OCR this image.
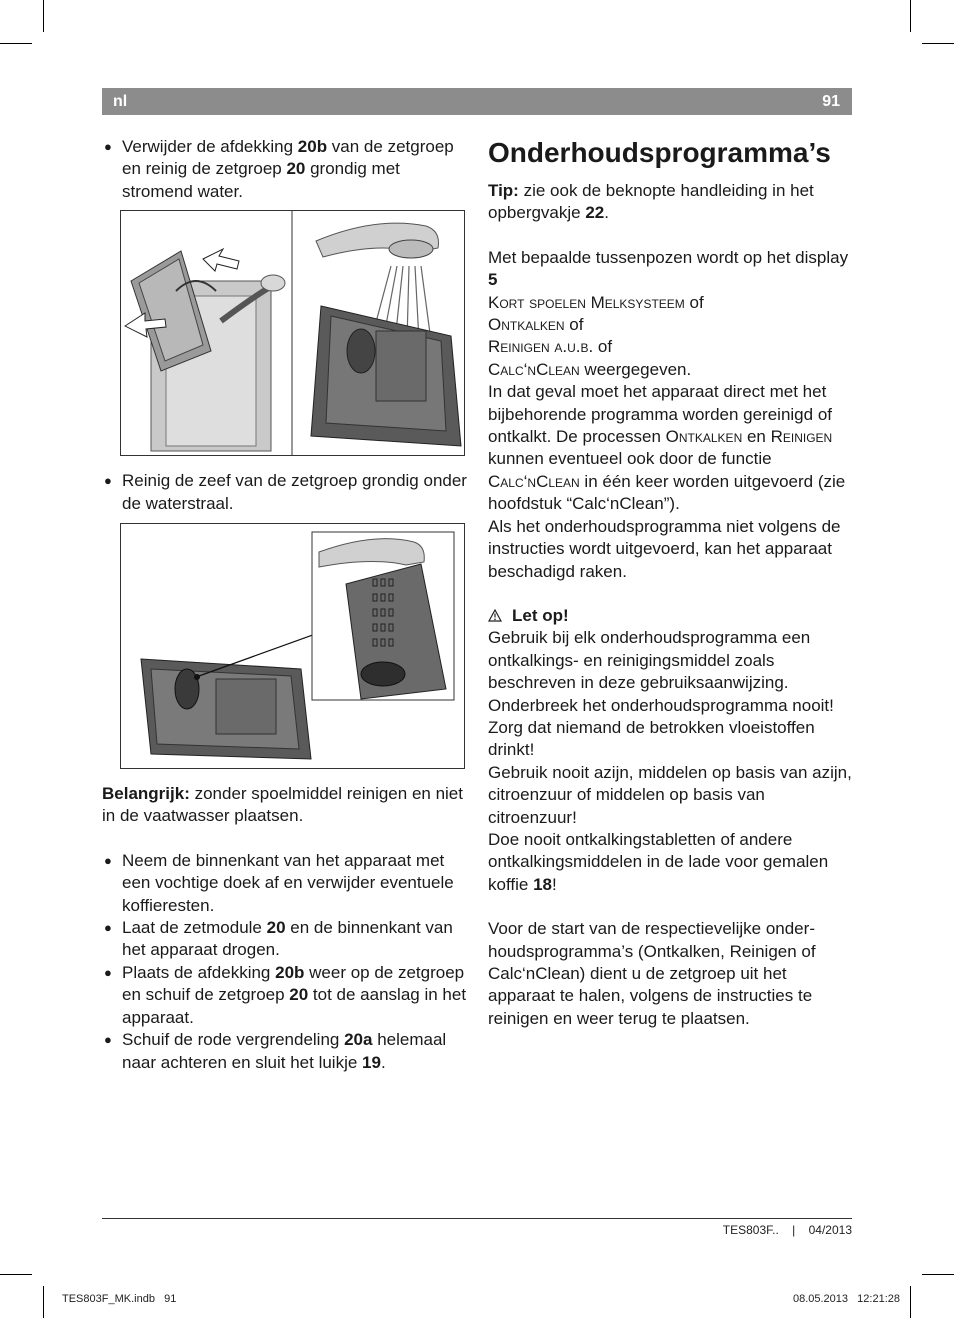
nl	91
● Verwijder de afdekking 20b van de zetgroep en reinig de zetgroep 20 grondig met stromend water.
● Reinig de zeef van de zetgroep grondig onder de waterstraal.
Belangrijk: zonder spoelmiddel reinigen en niet in de vaatwasser plaatsen.
● Neem de binnenkant van het apparaat met een vochtige doek af en verwijder eventuele koffieresten.
● Laat de zetmodule 20 en de binnenkant van het apparaat drogen.
● Plaats de afdekking 20b weer op de zetgroep en schuif de zetgroep 20 tot de aanslag in het apparaat.
● Schuif de rode vergrendeling 20a helemaal naar achteren en sluit het luikje 19.
Onderhoudsprogramma’s
Tip: zie ook de beknopte handleiding in het opbergvakje 22.
Met bepaalde tussenpozen wordt op het display 5
Kort spoelen Melksysteem of
Ontkalken of
Reinigen a.u.b. of
Calc‘nClean weergegeven.
In dat geval moet het apparaat direct met het bijbehorende programma worden gereinigd of ontkalkt. De processen Ontkalken en Reinigen kunnen eventueel ook door de functie Calc‘nClean in één keer worden uitgevoerd (zie hoofdstuk “Calc‘nClean”).
Als het onderhoudsprogramma niet volgens de instructies wordt uitgevoerd, kan het apparaat beschadigd raken.
Let op!
Gebruik bij elk onderhoudsprogramma een ontkalkings- en reinigingsmiddel zoals beschreven in deze gebruiksaanwijzing.
Onderbreek het onderhoudsprogramma nooit!
Zorg dat niemand de betrokken vloeistoffen drinkt!
Gebruik nooit azijn, middelen op basis van azijn, citroenzuur of middelen op basis van citroenzuur!
Doe nooit ontkalkingstabletten of andere ontkalkingsmiddelen in de lade voor gemalen koffie 18!
Voor de start van de respectievelijke onderhoudsprogramma’s (Ontkalken, Reinigen of Calc‘nClean) dient u de zetgroep uit het apparaat te halen, volgens de instructies te reinigen en weer terug te plaatsen.
TES803F.. | 04/2013
TES803F_MK.indb   91	08.05.2013   12:21:28
